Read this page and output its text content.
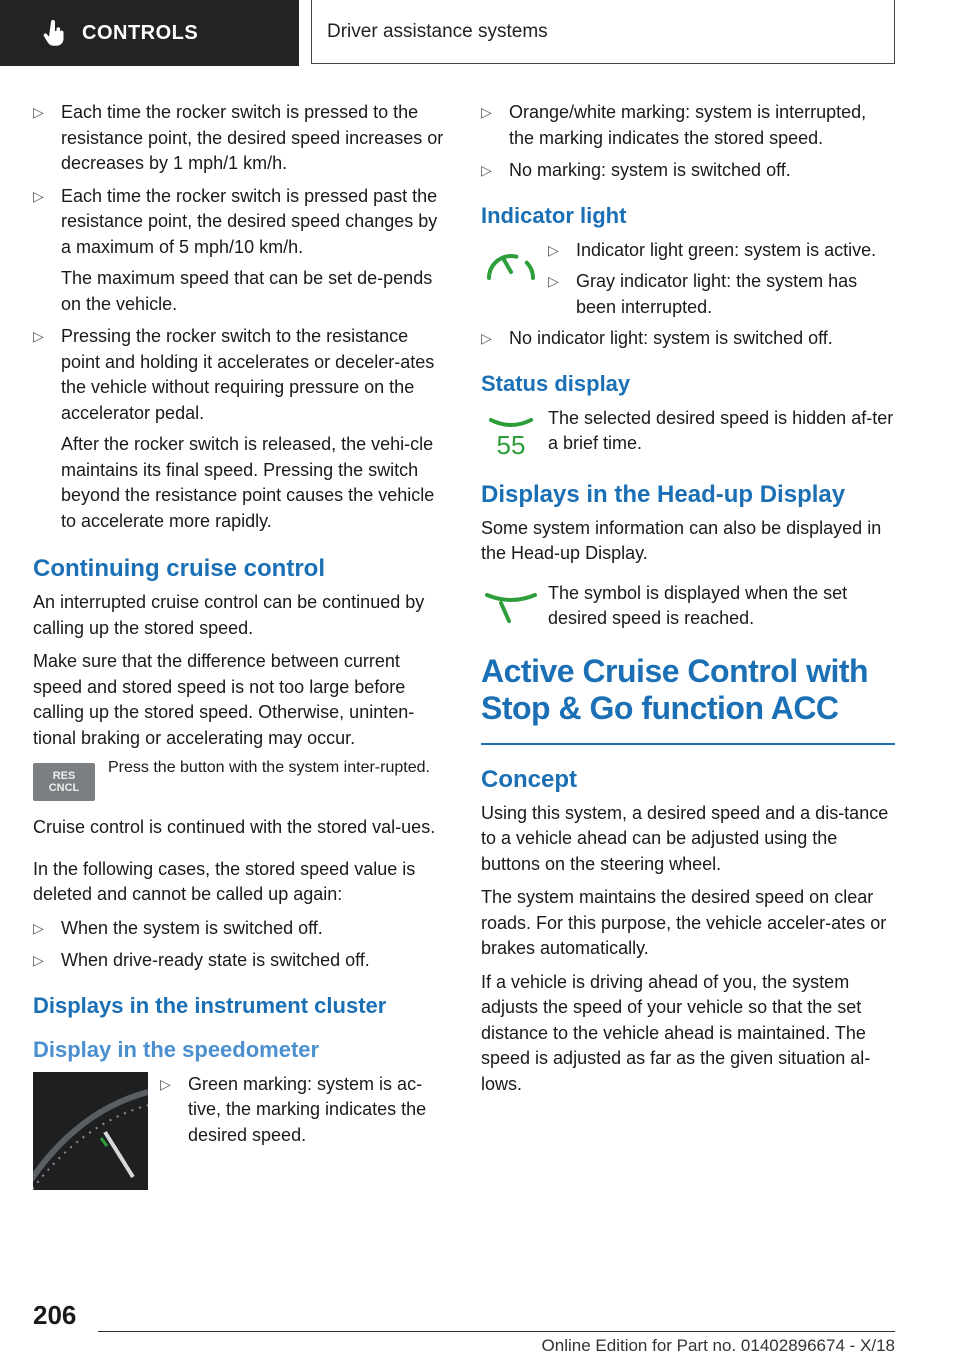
CONTROLS	Driver assistance systems
▷ Each time the rocker switch is pressed to the resistance point, the desired speed increases or decreases by 1 mph/1 km/h.
▷ Each time the rocker switch is pressed past the resistance point, the desired speed changes by a maximum of 5 mph/10 km/h.
The maximum speed that can be set de‐pends on the vehicle.
▷ Pressing the rocker switch to the resistance point and holding it accelerates or deceler‐ates the vehicle without requiring pressure on the accelerator pedal.
After the rocker switch is released, the vehi‐cle maintains its final speed. Pressing the switch beyond the resistance point causes the vehicle to accelerate more rapidly.
Continuing cruise control

An interrupted cruise control can be continued by calling up the stored speed.

Make sure that the difference between current speed and stored speed is not too large before calling up the stored speed. Otherwise, uninten‐tional braking or accelerating may occur.

RES
CNCL
Press the button with the system inter‐rupted.

Cruise control is continued with the stored val‐ues.

In the following cases, the stored speed value is deleted and cannot be called up again:

▷ When the system is switched off.
▷ When drive-ready state is switched off.
Displays in the instrument cluster
Display in the speedometer
▷ Green marking: system is ac‐tive, the marking indicates the desired speed.
▷ Orange/white marking: system is interrupted, the marking indicates the stored speed.
▷ No marking: system is switched off.
Indicator light
▷ Indicator light green: system is active.
▷ Gray indicator light: the system has been interrupted.
▷ No indicator light: system is switched off.
Status display
55

The selected desired speed is hidden af‐ter a brief time.

Displays in the Head-up Display

Some system information can also be displayed in the Head-up Display.

The symbol is displayed when the set desired speed is reached.

Active Cruise Control with Stop & Go function ACC
Concept

Using this system, a desired speed and a dis‐tance to a vehicle ahead can be adjusted using the buttons on the steering wheel.

The system maintains the desired speed on clear roads. For this purpose, the vehicle acceler‐ates or brakes automatically.

If a vehicle is driving ahead of you, the system adjusts the speed of your vehicle so that the set distance to the vehicle ahead is maintained. The speed is adjusted as far as the given situation al‐lows.

206
Online Edition for Part no. 01402896674 - X/18
